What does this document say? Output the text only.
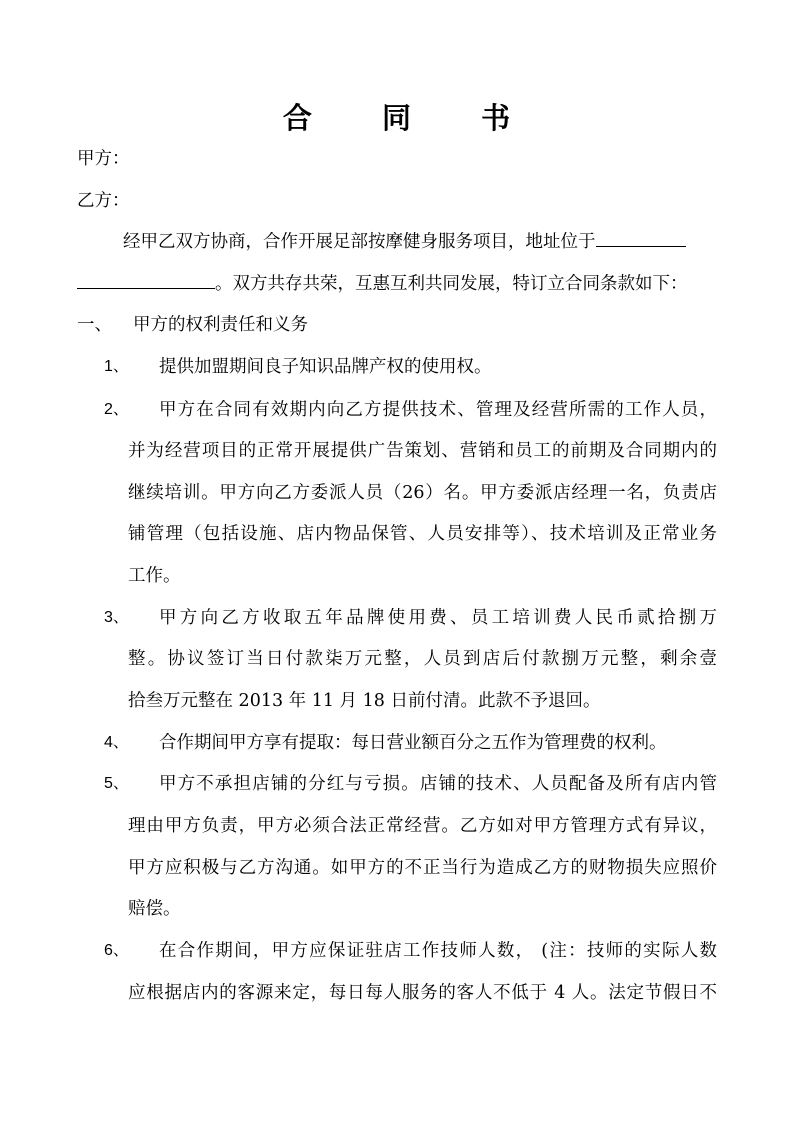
合 同 书
甲方：
乙方：
经甲乙双方协商，合作开展足部按摩健身服务项目，地址位于
。双方共存共荣，互惠互利共同发展，特订立合同条款如下：
一、 甲方的权利责任和义务
1、 提供加盟期间良子知识品牌产权的使用权。
2、 甲方在合同有效期内向乙方提供技术、管理及经营所需的工作人员，
并为经营项目的正常开展提供广告策划、营销和员工的前期及合同期内的
继续培训。甲方向乙方委派人员（26）名。甲方委派店经理一名，负责店
铺管理（包括设施、店内物品保管、人员安排等）、技术培训及正常业务
工作。
3、 甲方向乙方收取五年品牌使用费、员工培训费人民币贰拾捌万
整。协议签订当日付款柒万元整，人员到店后付款捌万元整，剩余壹
拾叁万元整在 2013 年 11 月 18 日前付清。此款不予退回。
4、 合作期间甲方享有提取：每日营业额百分之五作为管理费的权利。
5、 甲方不承担店铺的分红与亏损。店铺的技术、人员配备及所有店内管
理由甲方负责，甲方必须合法正常经营。乙方如对甲方管理方式有异议，
甲方应积极与乙方沟通。如甲方的不正当行为造成乙方的财物损失应照价
赔偿。
6、 在合作期间，甲方应保证驻店工作技师人数， (注：技师的实际人数
应根据店内的客源来定，每日每人服务的客人不低于 4 人。法定节假日不
